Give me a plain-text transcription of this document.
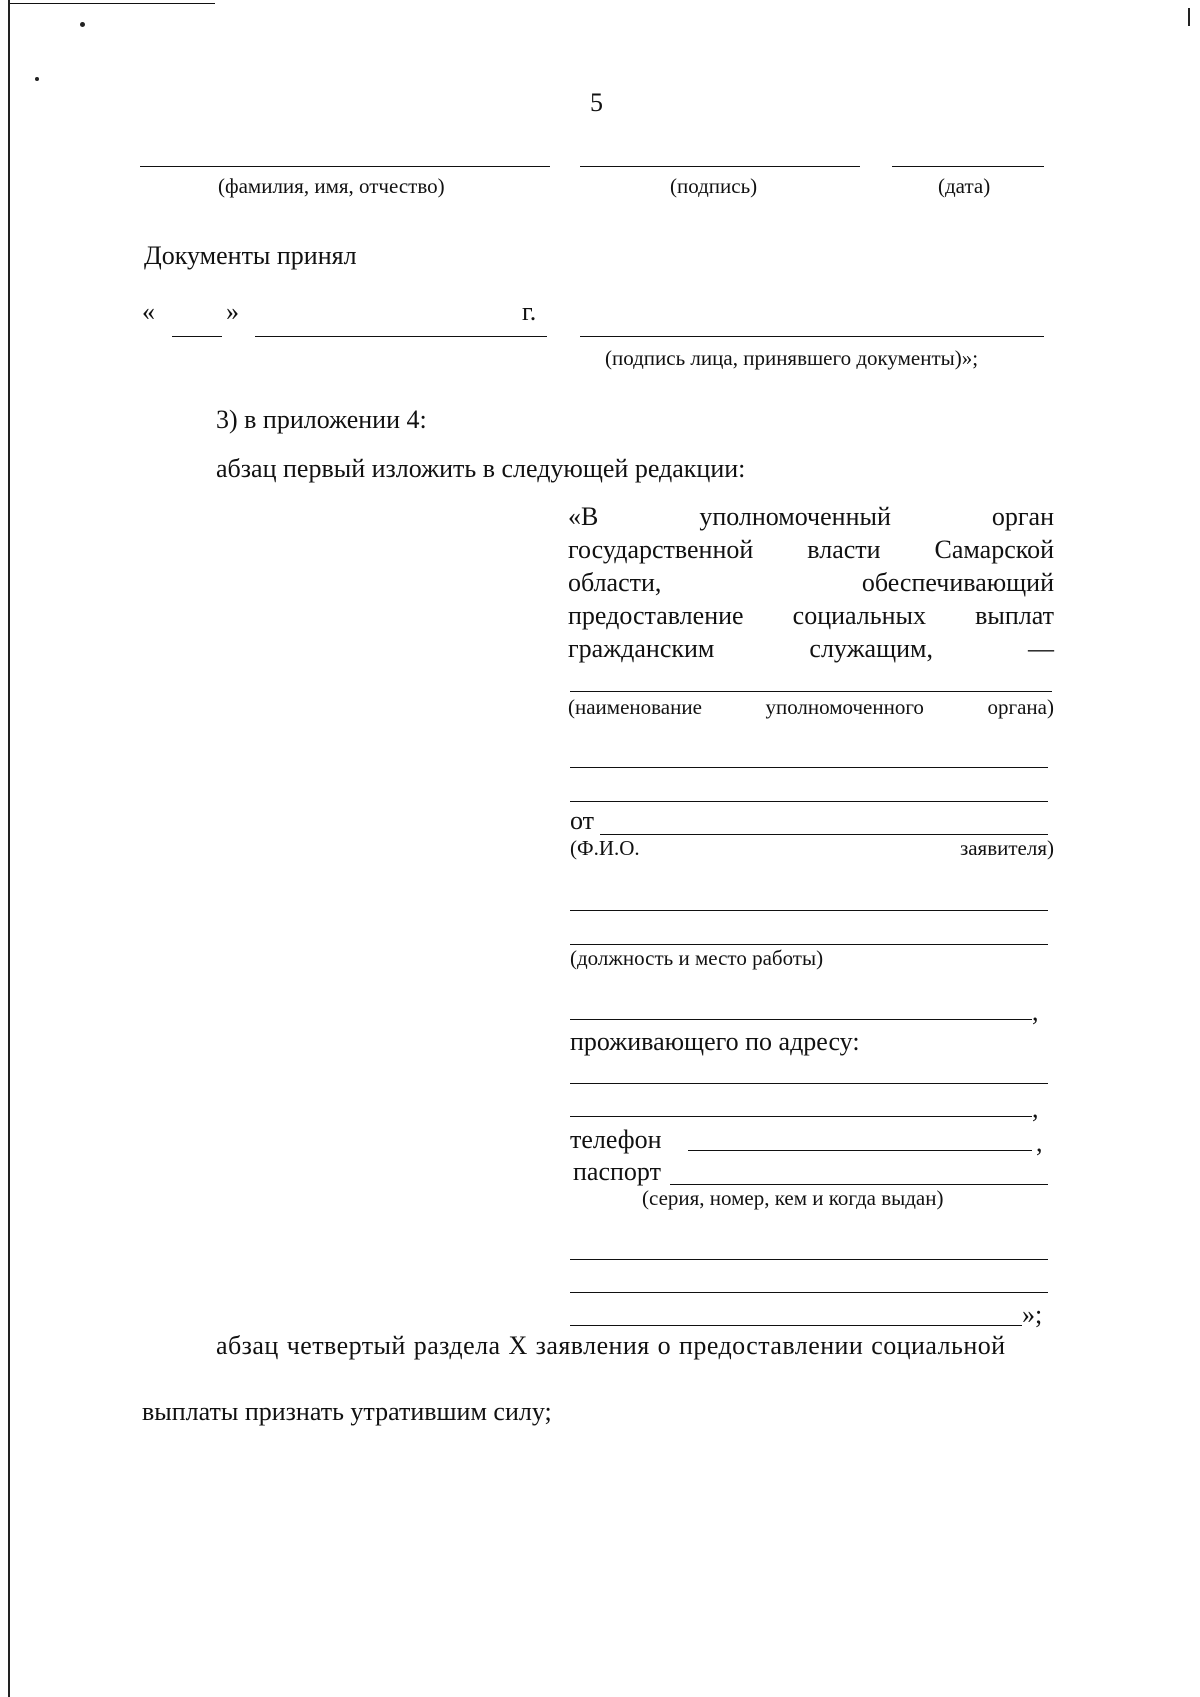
5
(фамилия, имя, отчество)	(подпись)	(дата)
Документы принял
«	»	г.
(подпись лица, принявшего документы)»;
3) в приложении 4:
абзац первый изложить в следующей редакции:
«В	уполномоченный	орган
государственной власти Самарской
области,	обеспечивающий
предоставление социальных выплат
гражданским	служащим,	—
(наименование	уполномоченного	органа)
от
(Ф.И.О.	заявителя)
(должность и место работы)
,
проживающего по адресу:
,
телефон	,
паспорт
(серия, номер, кем и когда выдан)
»;
абзац четвертый раздела X заявления о предоставлении социальной
выплаты признать утратившим силу;
